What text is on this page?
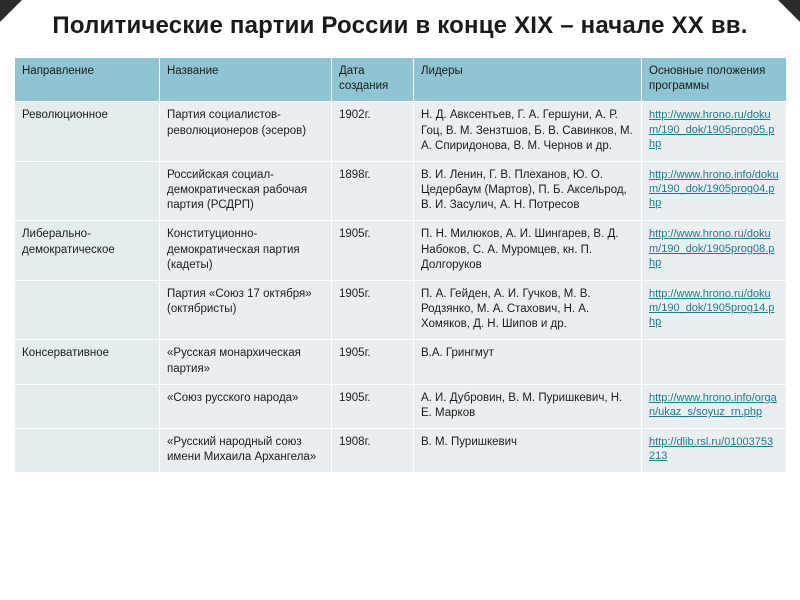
Политические партии России в конце XIX – начале XX вв.
Направление	Название	Дата создания	Лидеры	Основные положения программы
Революционное	Партия социалистов-революционеров (эсеров)	1902г.	Н. Д. Авксентьев, Г. А. Гершуни, А. Р. Гоц, В. М. Зензтшов, Б. В. Савинков, М. А. Спиридонова, В. М. Чернов и др.	http://www.hrono.ru/dokum/190_dok/1905prog05.php
	Российская социал-демократическая рабочая партия (РСДРП)	1898г.	В. И. Ленин, Г. В. Плеханов, Ю. О. Цедербаум (Мартов), П. Б. Аксельрод, В. И. Засулич, А. Н. Потресов	http://www.hrono.info/dokum/190_dok/1905prog04.php
Либерально-демократическое	Конституционно-демократическая партия (кадеты)	1905г.	П. Н. Милюков, А. И. Шингарев, В. Д. Набоков, С. А. Муромцев, кн. П. Долгоруков	http://www.hrono.ru/dokum/190_dok/1905prog08.php
	Партия «Союз 17 октября» (октябристы)	1905г.	П. А. Гейден, А. И. Гучков, М. В. Родзянко, М. А. Стахович, Н. А. Хомяков, Д. Н. Шипов и др.	http://www.hrono.ru/dokum/190_dok/1905prog14.php
Консервативное	«Русская монархическая партия»	1905г.	В.А. Грингмут	
	«Союз русского народа»	1905г.	А. И. Дубровин, В. М. Пуришкевич, Н. Е. Марков	http://www.hrono.info/organ/ukaz_s/soyuz_rn.php
	«Русский народный союз имени Михаила Архангела»	1908г.	В. М. Пуришкевич	http://dlib.rsl.ru/01003753213
